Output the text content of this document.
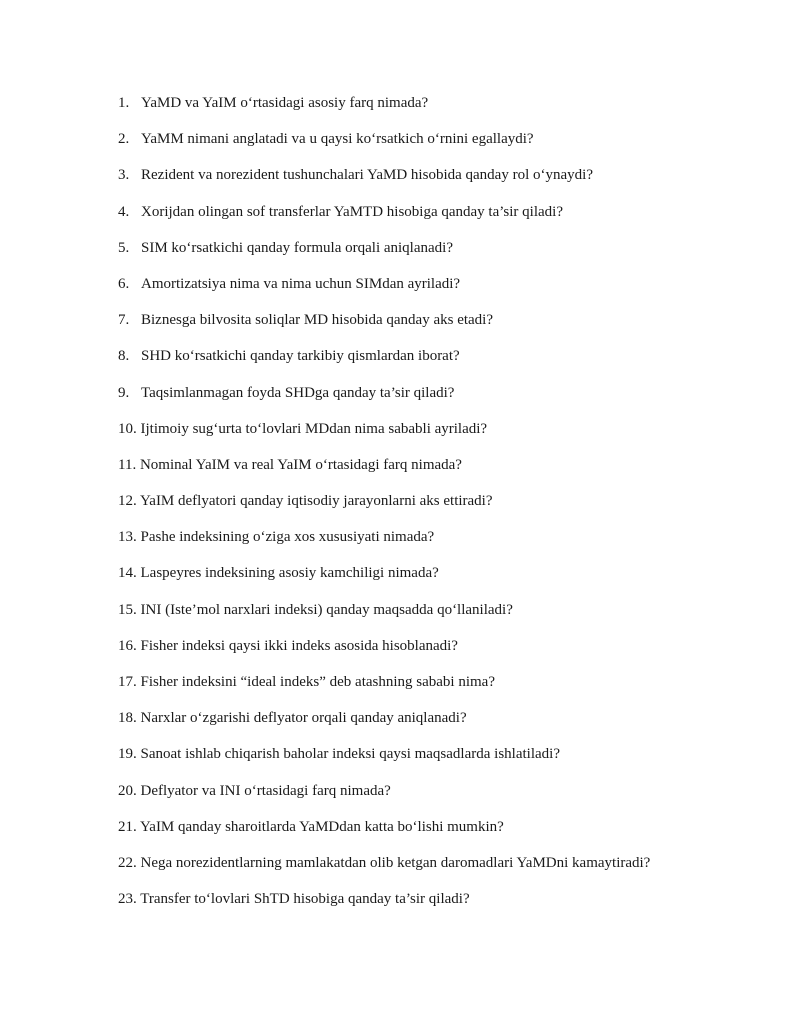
1. YaMD va YaIM o‘rtasidagi asosiy farq nimada?
2. YaMM nimani anglatadi va u qaysi ko‘rsatkich o‘rnini egallaydi?
3. Rezident va norezident tushunchalari YaMD hisobida qanday rol o‘ynaydi?
4. Xorijdan olingan sof transferlar YaMTD hisobiga qanday ta’sir qiladi?
5. SIM ko‘rsatkichi qanday formula orqali aniqlanadi?
6. Amortizatsiya nima va nima uchun SIMdan ayriladi?
7. Biznesga bilvosita soliqlar MD hisobida qanday aks etadi?
8. SHD ko‘rsatkichi qanday tarkibiy qismlardan iborat?
9. Taqsimlanmagan foyda SHDga qanday ta’sir qiladi?
10. Ijtimoiy sug‘urta to‘lovlari MDdan nima sababli ayriladi?
11. Nominal YaIM va real YaIM o‘rtasidagi farq nimada?
12. YaIM deflyatori qanday iqtisodiy jarayonlarni aks ettiradi?
13. Pashe indeksining o‘ziga xos xususiyati nimada?
14. Laspeyres indeksining asosiy kamchiligi nimada?
15. INI (Iste’mol narxlari indeksi) qanday maqsadda qo‘llaniladi?
16. Fisher indeksi qaysi ikki indeks asosida hisoblanadi?
17. Fisher indeksini “ideal indeks” deb atashning sababi nima?
18. Narxlar o‘zgarishi deflyator orqali qanday aniqlanadi?
19. Sanoat ishlab chiqarish baholar indeksi qaysi maqsadlarda ishlatiladi?
20. Deflyator va INI o‘rtasidagi farq nimada?
21. YaIM qanday sharoitlarda YaMDdan katta bo‘lishi mumkin?
22. Nega norezidentlarning mamlakatdan olib ketgan daromadlari YaMDni kamaytiradi?
23. Transfer to‘lovlari ShTD hisobiga qanday ta’sir qiladi?
